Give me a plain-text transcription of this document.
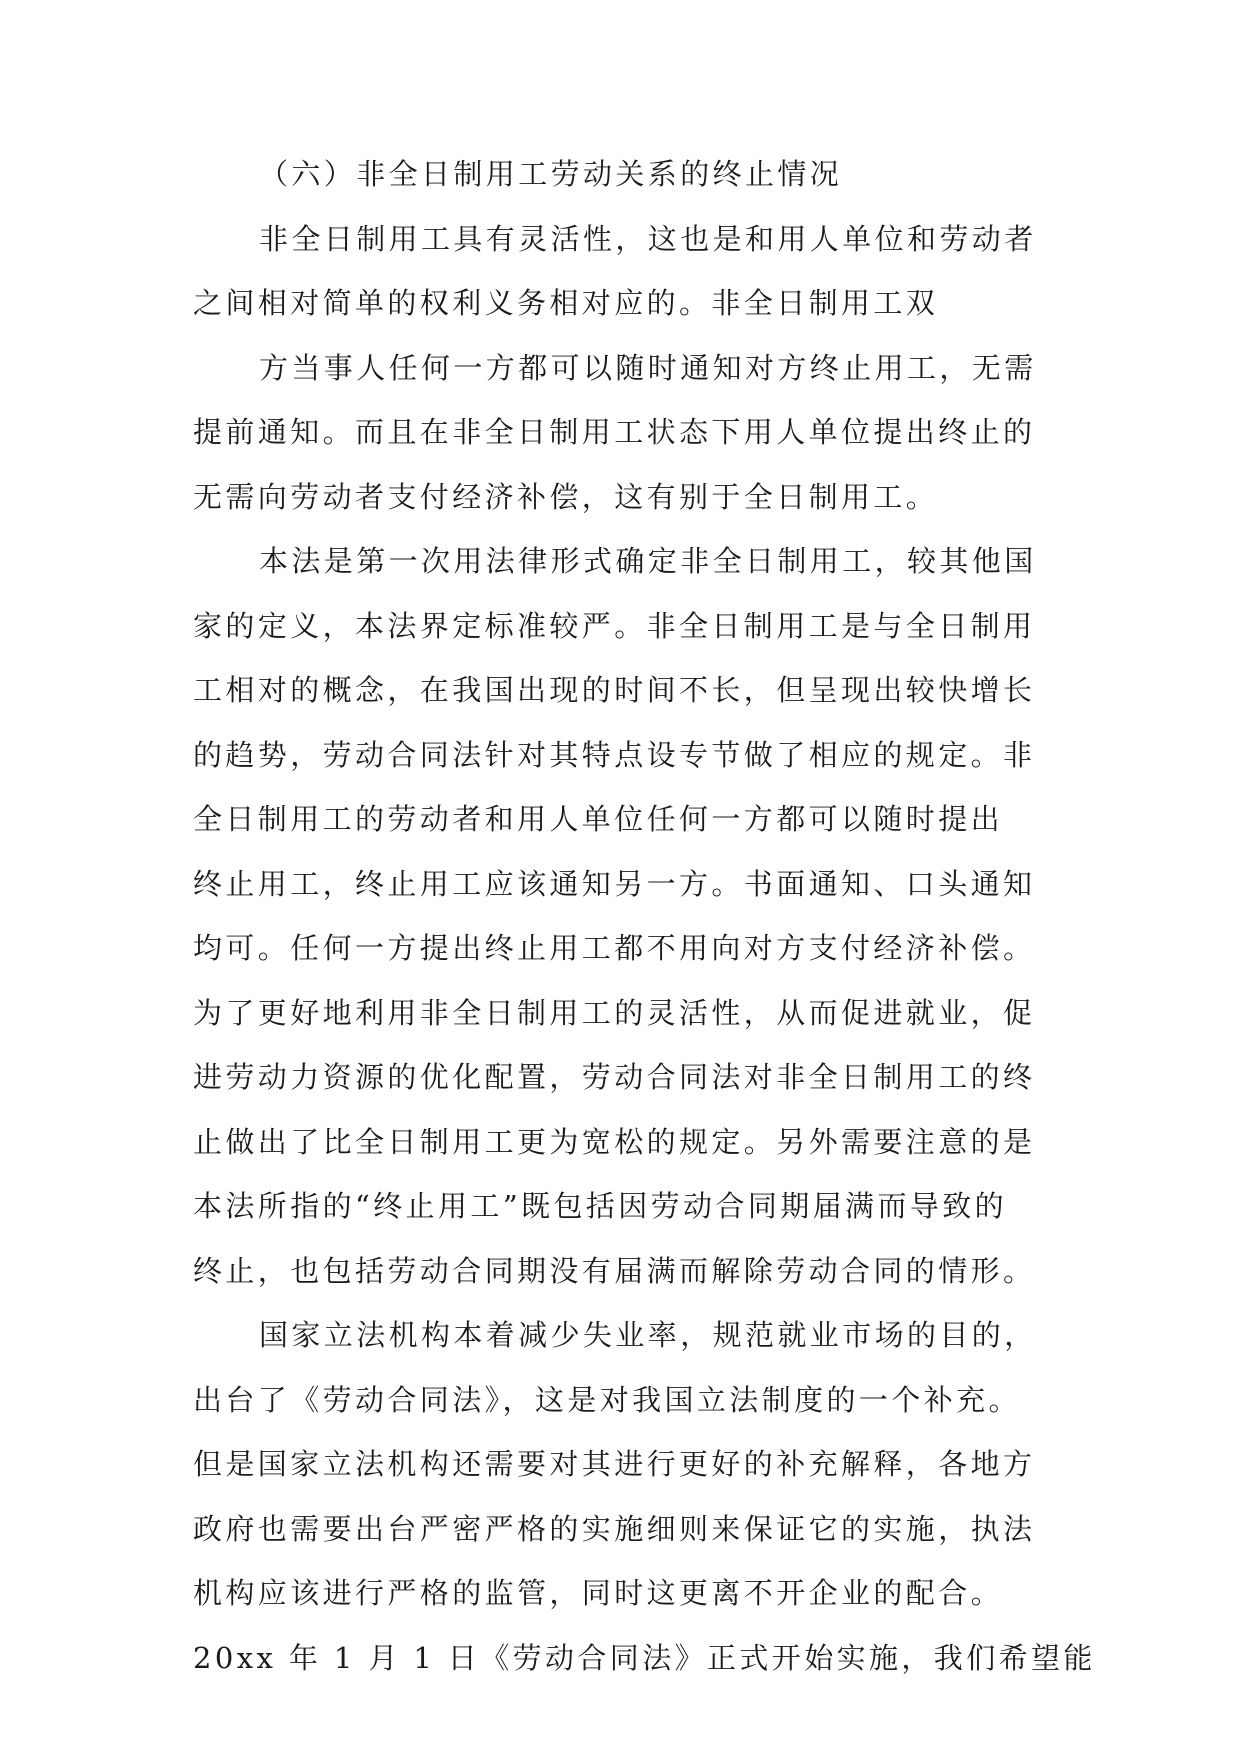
（六）非全日制用工劳动关系的终止情况
非全日制用工具有灵活性，这也是和用人单位和劳动者
之间相对简单的权利义务相对应的。非全日制用工双
方当事人任何一方都可以随时通知对方终止用工，无需
提前通知。而且在非全日制用工状态下用人单位提出终止的
无需向劳动者支付经济补偿，这有别于全日制用工。
本法是第一次用法律形式确定非全日制用工，较其他国
家的定义，本法界定标准较严。非全日制用工是与全日制用
工相对的概念，在我国出现的时间不长，但呈现出较快增长
的趋势，劳动合同法针对其特点设专节做了相应的规定。非
全日制用工的劳动者和用人单位任何一方都可以随时提出
终止用工，终止用工应该通知另一方。书面通知、口头通知
均可。任何一方提出终止用工都不用向对方支付经济补偿。
为了更好地利用非全日制用工的灵活性，从而促进就业，促
进劳动力资源的优化配置，劳动合同法对非全日制用工的终
止做出了比全日制用工更为宽松的规定。另外需要注意的是
本法所指的“终止用工”既包括因劳动合同期届满而导致的
终止，也包括劳动合同期没有届满而解除劳动合同的情形。
国家立法机构本着减少失业率，规范就业市场的目的，
出台了《劳动合同法》，这是对我国立法制度的一个补充。
但是国家立法机构还需要对其进行更好的补充解释，各地方
政府也需要出台严密严格的实施细则来保证它的实施，执法
机构应该进行严格的监管，同时这更离不开企业的配合。
20xx 年 1 月 1 日《劳动合同法》正式开始实施，我们希望能
